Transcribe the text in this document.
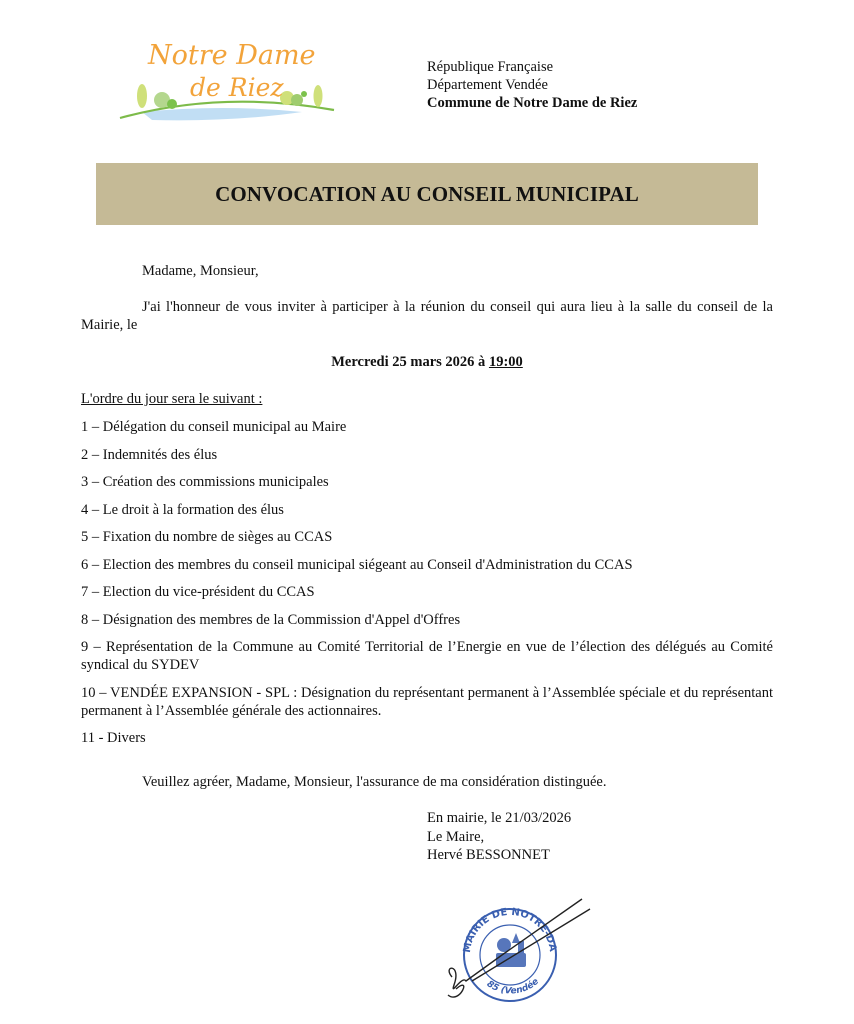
Notre Dame
de Riez
République Française
Département Vendée
Commune de Notre Dame de Riez
CONVOCATION AU CONSEIL MUNICIPAL
Madame, Monsieur,
J'ai l'honneur de vous inviter à participer à la réunion du conseil qui aura lieu à la salle du conseil de la Mairie, le
Mercredi 25 mars 2026 à 19:00
L'ordre du jour sera le suivant :
1 – Délégation du conseil municipal au Maire
2 – Indemnités des élus
3 – Création des commissions municipales
4 – Le droit à la formation des élus
5 – Fixation du nombre de sièges au CCAS
6 – Election des membres du conseil municipal siégeant au Conseil d'Administration du CCAS
7 – Election du vice-président du CCAS
8 – Désignation des membres de la Commission d'Appel d'Offres
9 – Représentation de la Commune au Comité Territorial de l’Energie en vue de l’élection des délégués au Comité syndical du SYDEV
10 – VENDÉE EXPANSION - SPL : Désignation du représentant permanent à l’Assemblée spéciale et du représentant permanent à l’Assemblée générale des actionnaires.
11 - Divers
Veuillez agréer, Madame, Monsieur, l'assurance de ma considération distinguée.
En mairie, le 21/03/2026
Le Maire,
Hervé BESSONNET
MAIRIE DE NOTRE-DA
85 (Vendée
